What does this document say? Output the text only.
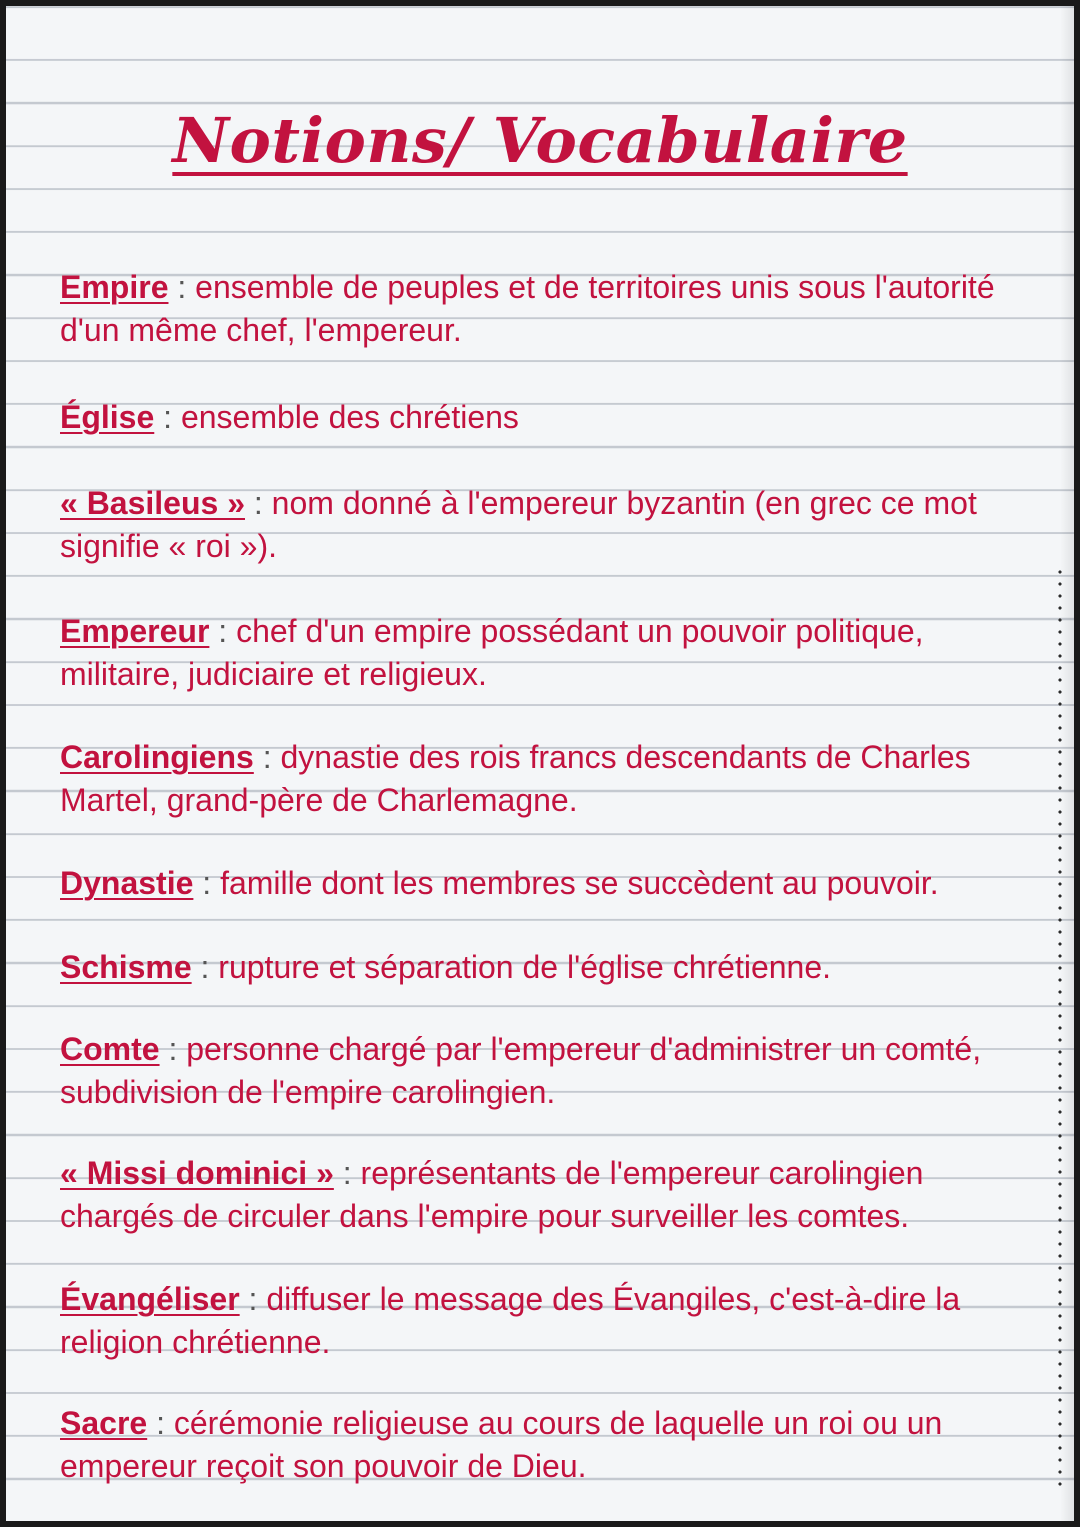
Notions/ Vocabulaire

Empire : ensemble de peuples et de territoires unis sous l'autorité d'un même chef, l'empereur.

Église : ensemble des chrétiens

« Basileus » : nom donné à l'empereur byzantin (en grec ce mot signifie « roi »).

Empereur : chef d'un empire possédant un pouvoir politique, militaire, judiciaire et religieux.

Carolingiens : dynastie des rois francs descendants de Charles Martel, grand-père de Charlemagne.

Dynastie : famille dont les membres se succèdent au pouvoir.

Schisme : rupture et séparation de l'église chrétienne.

Comte : personne chargé par l'empereur d'administrer un comté, subdivision de l'empire carolingien.

« Missi dominici » : représentants de l'empereur carolingien chargés de circuler dans l'empire pour surveiller les comtes.

Évangéliser : diffuser le message des Évangiles, c'est-à-dire la religion chrétienne.

Sacre : cérémonie religieuse au cours de laquelle un roi ou un empereur reçoit son pouvoir de Dieu.
